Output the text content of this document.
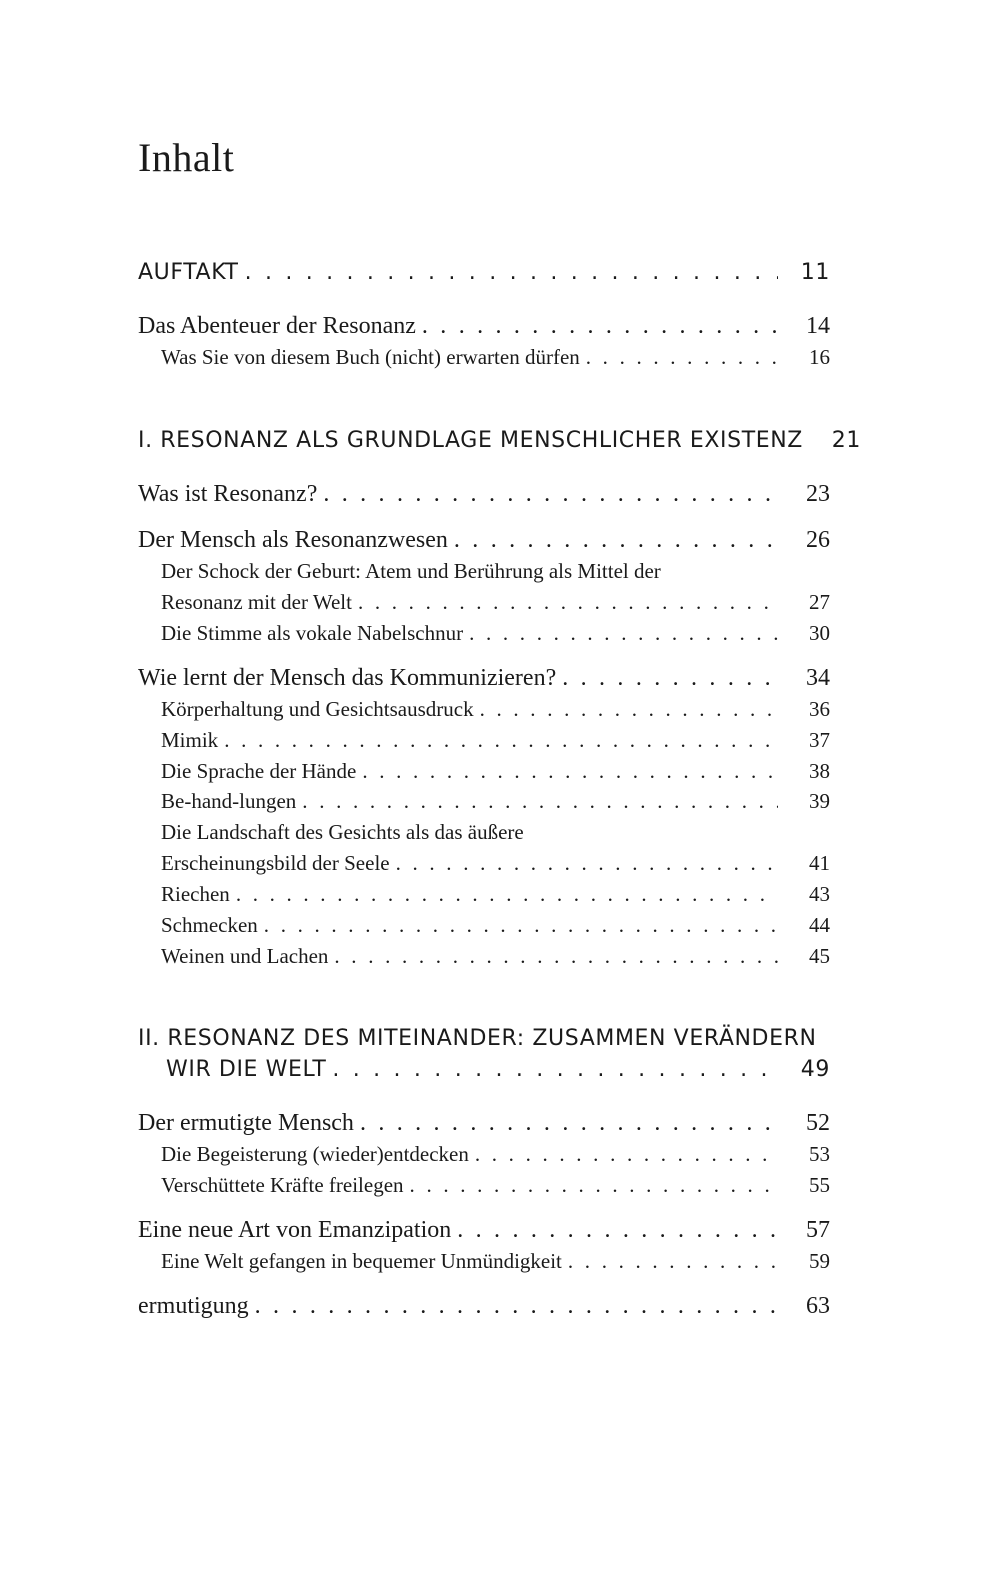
Inhalt
AUFTAKT . . .	11
Das Abenteuer der Resonanz . . .	14
Was Sie von diesem Buch (nicht) erwarten dürfen . . .	16
I. RESONANZ ALS GRUNDLAGE MENSCHLICHER EXISTENZ	21
Was ist Resonanz? . . .	23
Der Mensch als Resonanzwesen . . .	26
Der Schock der Geburt: Atem und Berührung als Mittel der
Resonanz mit der Welt . . .	27
Die Stimme als vokale Nabelschnur . . .	30
Wie lernt der Mensch das Kommunizieren? . . .	34
Körperhaltung und Gesichtsausdruck . . .	36
Mimik . . .	37
Die Sprache der Hände . . .	38
Be-hand-lungen . . .	39
Die Landschaft des Gesichts als das äußere
Erscheinungsbild der Seele . . .	41
Riechen . . .	43
Schmecken . . .	44
Weinen und Lachen . . .	45
II. RESONANZ DES MITEINANDER: ZUSAMMEN VERÄNDERN
WIR DIE WELT . . .	49
Der ermutigte Mensch . . .	52
Die Begeisterung (wieder)entdecken . . .	53
Verschüttete Kräfte freilegen . . .	55
Eine neue Art von Emanzipation . . .	57
Eine Welt gefangen in bequemer Unmündigkeit . . .	59
ermutigung . . .	63
